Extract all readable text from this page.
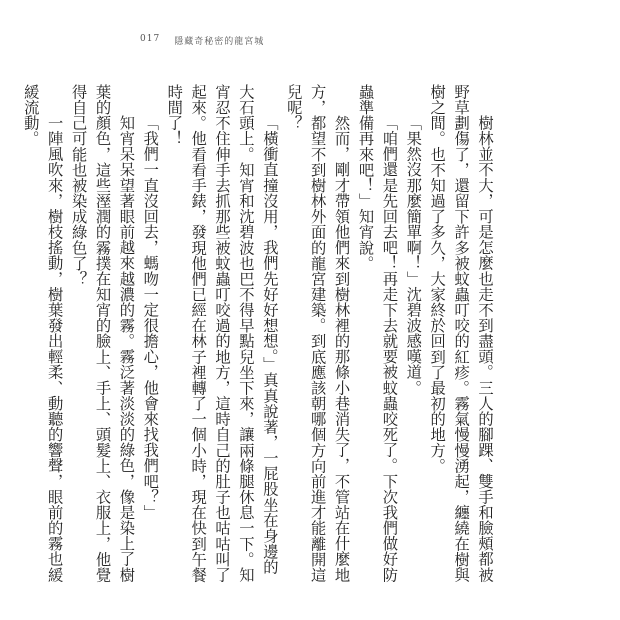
017 隱藏奇秘密的龍宮城

樹林並不大，可是怎麼也走不到盡頭。三人的腳踝、雙手和臉頰都被野草劃傷了，還留下許多被蚊蟲叮咬的紅疹。霧氣慢慢湧起，纏繞在樹與樹之間。也不知過了多久，大家終於回到了最初的地方。

「果然沒那麼簡單啊！」沈碧波感嘆道。

「咱們還是先回去吧！再走下去就要被蚊蟲咬死了。下次我們做好防蟲準備再來吧！」知宵說。

然而，剛才帶領他們來到樹林裡的那條小巷消失了，不管站在什麼地方，都望不到樹林外面的龍宮建築。到底應該朝哪個方向前進才能離開這兒呢？

「橫衝直撞沒用，我們先好好想想。」真真說著，一屁股坐在身邊的大石頭上。知宵和沈碧波也巴不得早點兒坐下來，讓兩條腿休息一下。知宵忍不住伸手去抓那些被蚊蟲叮咬過的地方，這時自己的肚子也咕咕叫了起來。他看看手錶，發現他們已經在林子裡轉了一個小時，現在快到午餐時間了！

「我們一直沒回去，螞吻一定很擔心，他會來找我們吧？」

知宵呆呆望著眼前越來越濃的霧。霧泛著淡淡的綠色，像是染上了樹葉的顏色，這些溼潤的霧撲在知宵的臉上、手上、頭髮上、衣服上，他覺得自己可能也被染成綠色了？

一陣風吹來，樹枝搖動，樹葉發出輕柔、動聽的響聲，眼前的霧也緩緩流動。
